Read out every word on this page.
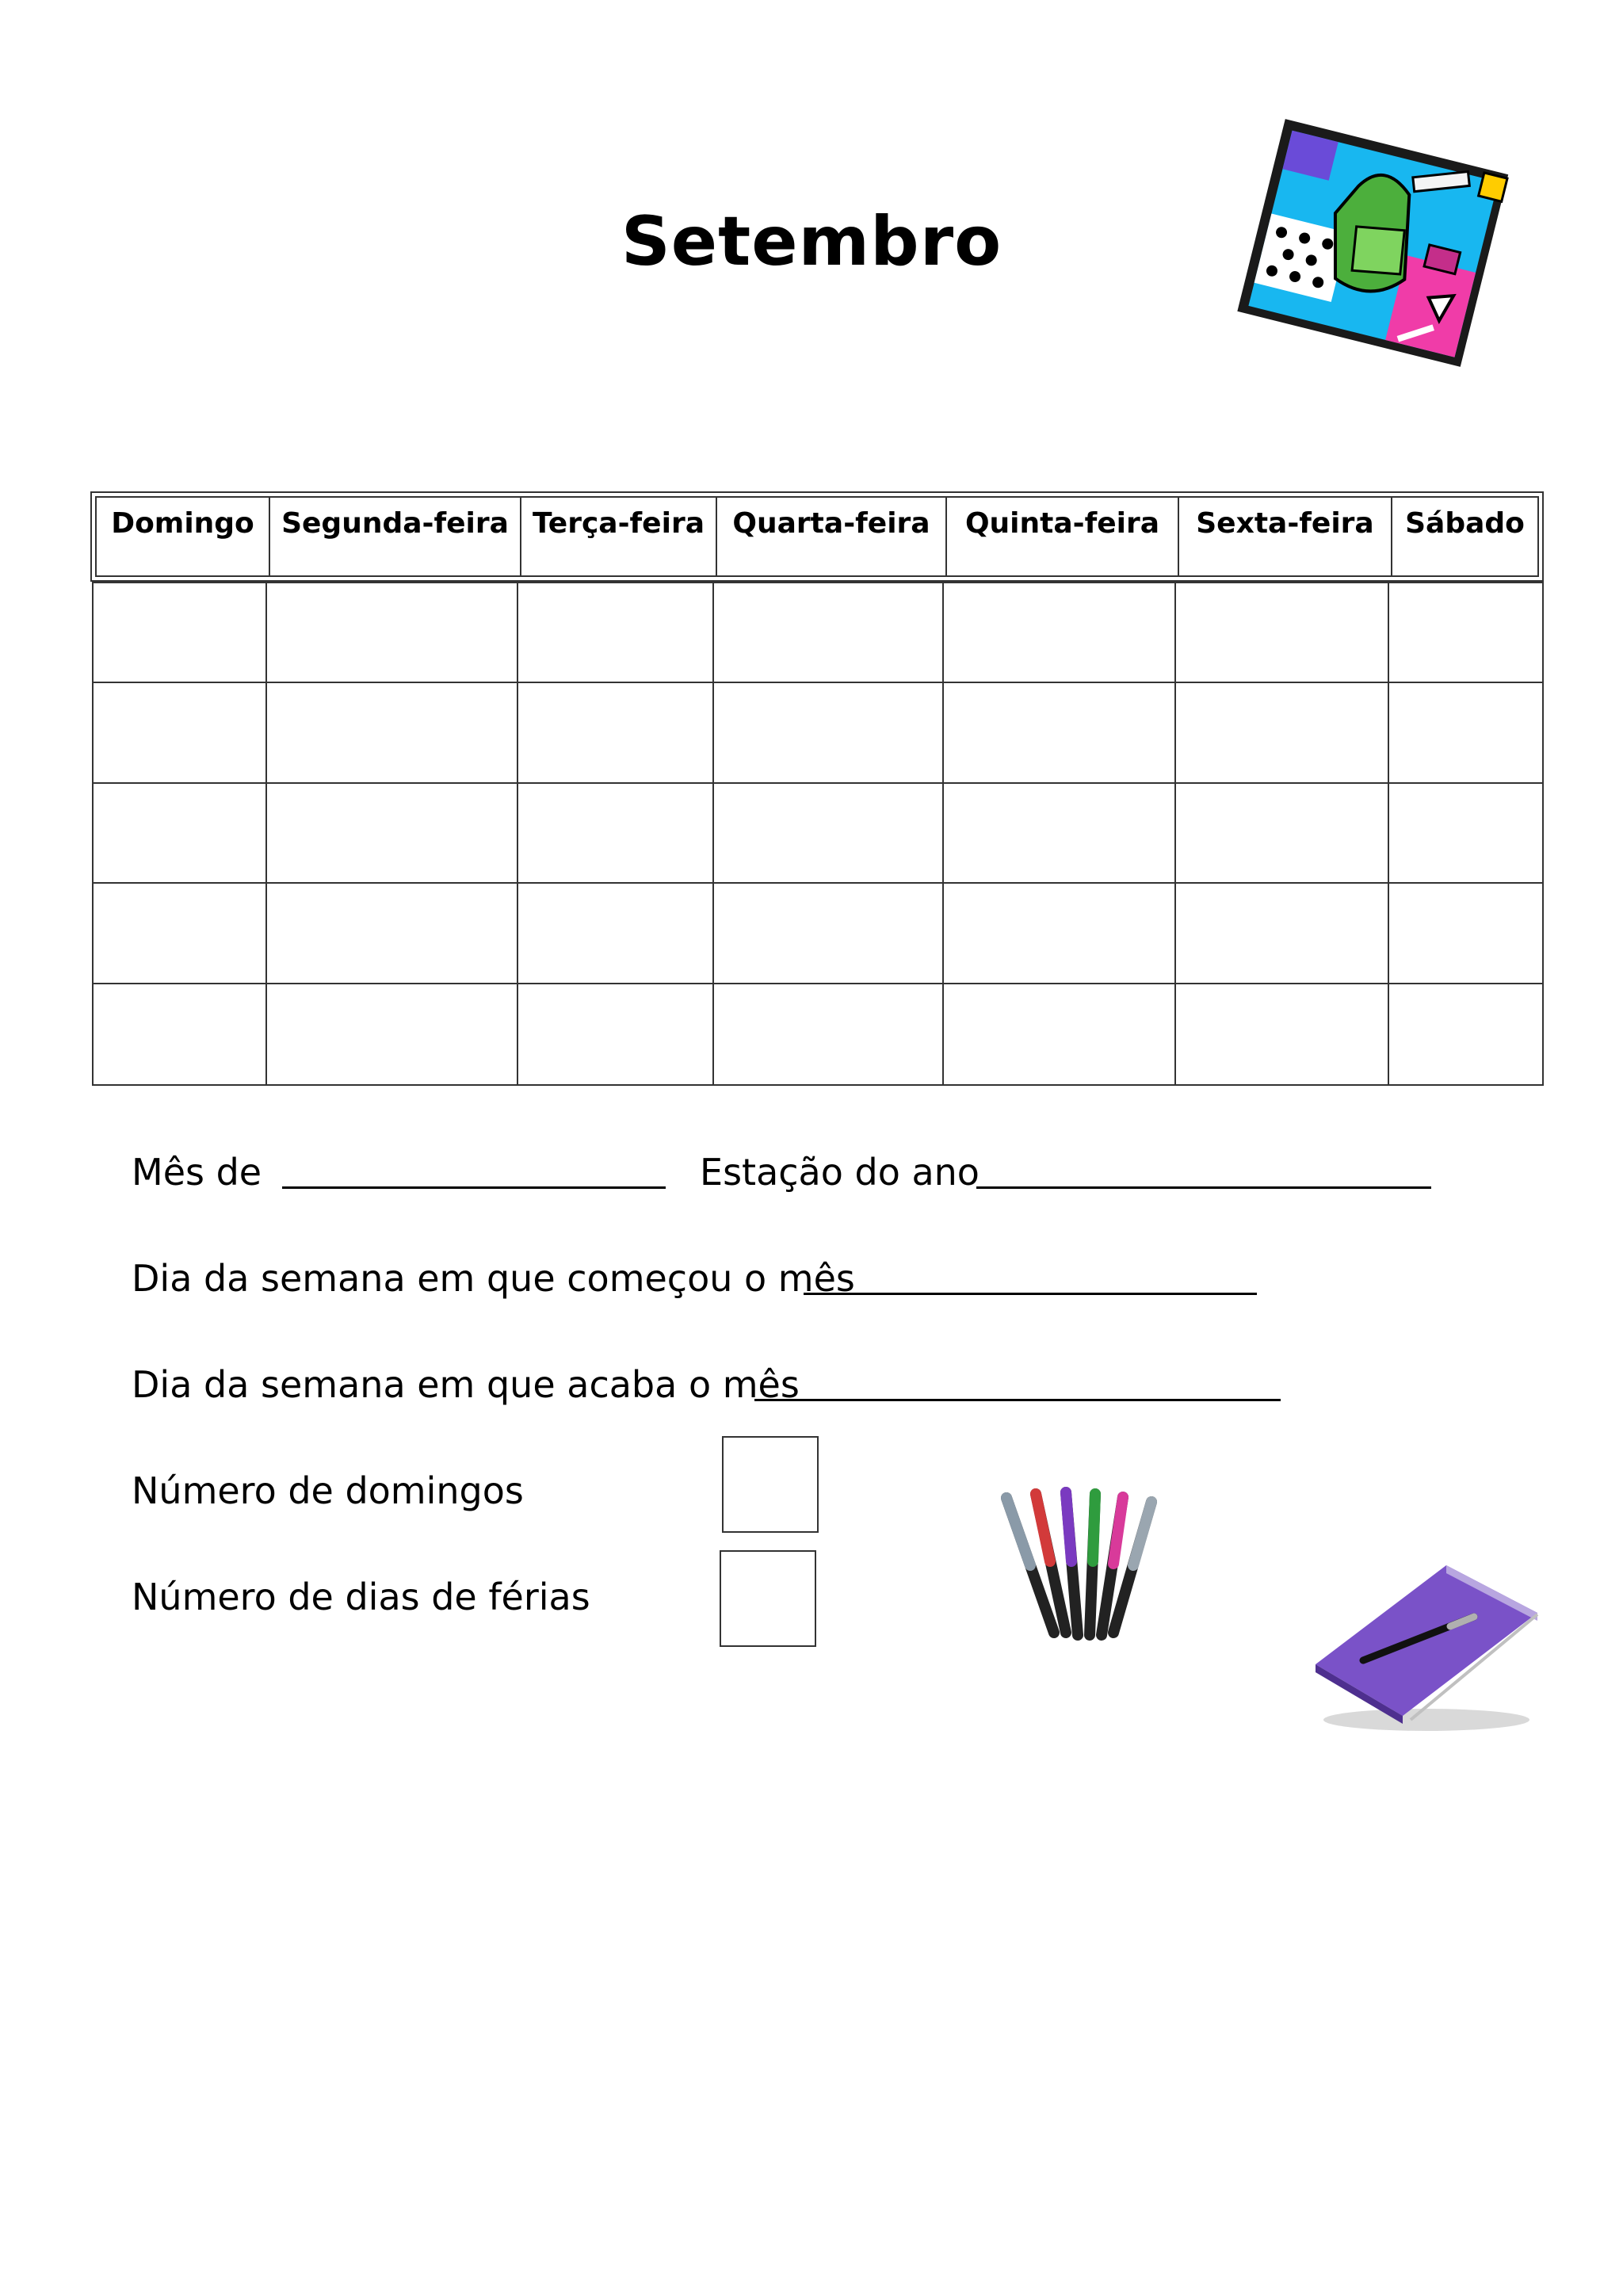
Setembro
Domingo Segunda-feira Terça-feira Quarta-feira	Quinta-feira	Sexta-feira	Sábado
Mês de	Estação do ano
Dia da semana em que começou o mês
Dia da semana em que acaba o mês
Número de domingos
Número de dias de férias
